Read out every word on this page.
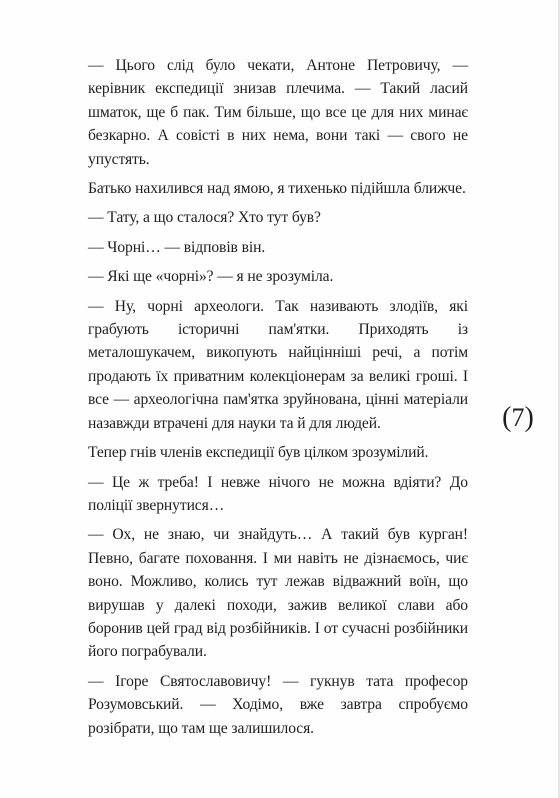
— Цього слід було чекати, Антоне Петровичу, — керівник експедиції знизав плечима. — Такий ласий шматок, ще б пак. Тим більше, що все це для них минає безкарно. А совісті в них нема, вони такі — свого не упустять.

Батько нахилився над ямою, я тихенько підійшла ближче.

— Тату, а що сталося? Хто тут був?

— Чорні… — відповів він.

— Які ще «чорні»? — я не зрозуміла.

— Ну, чорні археологи. Так називають злодіїв, які грабують історичні пам'ятки. Приходять із металошукачем, викопують найцінніші речі, а потім продають їх приватним колекціонерам за великі гроші. І все — археологічна пам'ятка зруйнована, цінні матеріали назавжди втрачені для науки та й для людей.

Тепер гнів членів експедиції був цілком зрозумілий.

— Це ж треба! І невже нічого не можна вдіяти? До поліції звернутися…

— Ох, не знаю, чи знайдуть… А такий був курган! Певно, багате поховання. І ми навіть не дізнаємось, чиє воно. Можливо, колись тут лежав відважний воїн, що вирушав у далекі походи, зажив великої слави або боронив цей град від розбійників. І от сучасні розбійники його пограбували.

— Ігоре Святославовичу! — гукнув тата професор Розумовський. — Ходімо, вже завтра спробуємо розібрати, що там ще залишилося.

(7)
